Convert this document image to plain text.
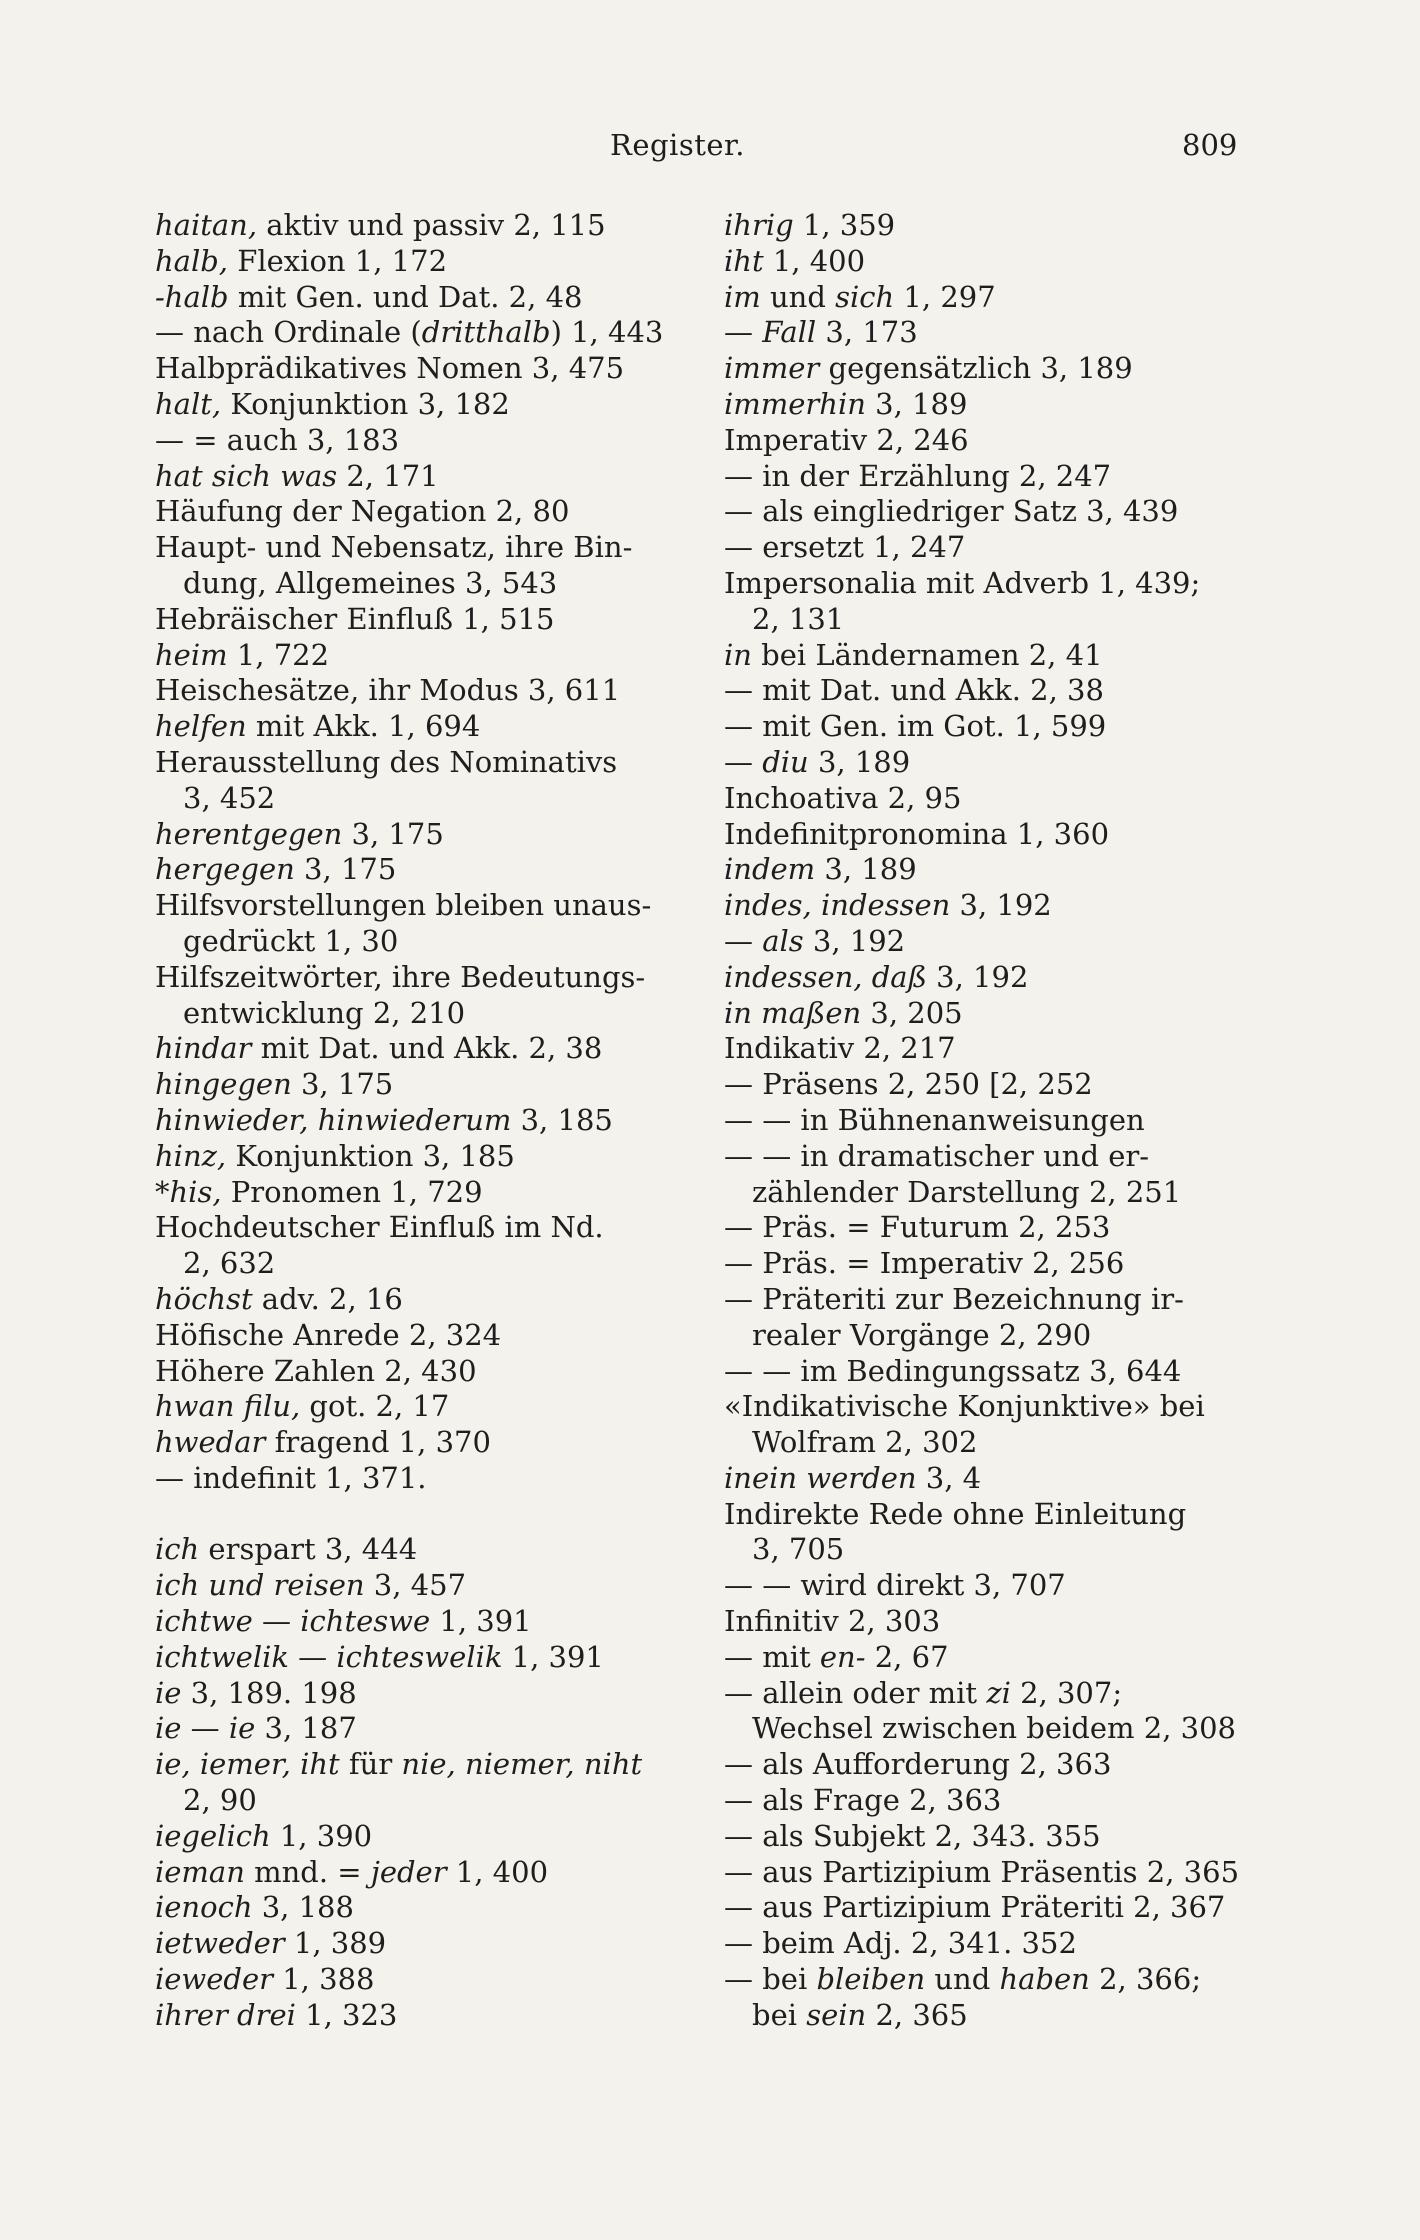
Register.	809
haitan, aktiv und passiv 2, 115
halb, Flexion 1, 172
-halb mit Gen. und Dat. 2, 48
— nach Ordinale (dritthalb) 1, 443
Halbprädikatives Nomen 3, 475
halt, Konjunktion 3, 182
— = auch 3, 183
hat sich was 2, 171
Häufung der Negation 2, 80
Haupt- und Nebensatz, ihre Bin-
dung, Allgemeines 3, 543
Hebräischer Einfluß 1, 515
heim 1, 722
Heischesätze, ihr Modus 3, 611
helfen mit Akk. 1, 694
Herausstellung des Nominativs
3, 452
herentgegen 3, 175
hergegen 3, 175
Hilfsvorstellungen bleiben unaus-
gedrückt 1, 30
Hilfszeitwörter, ihre Bedeutungs-
entwicklung 2, 210
hindar mit Dat. und Akk. 2, 38
hingegen 3, 175
hinwieder, hinwiederum 3, 185
hinz, Konjunktion 3, 185
*his, Pronomen 1, 729
Hochdeutscher Einfluß im Nd.
2, 632
höchst adv. 2, 16
Höfische Anrede 2, 324
Höhere Zahlen 2, 430
hwan filu, got. 2, 17
hwedar fragend 1, 370
— indefinit 1, 371.
ich erspart 3, 444
ich und reisen 3, 457
ichtwe — ichteswe 1, 391
ichtwelik — ichteswelik 1, 391
ie 3, 189. 198
ie — ie 3, 187
ie, iemer, iht für nie, niemer, niht
2, 90
iegelich 1, 390
ieman mnd. = jeder 1, 400
ienoch 3, 188
ietweder 1, 389
ieweder 1, 388
ihrer drei 1, 323
ihrig 1, 359
iht 1, 400
im und sich 1, 297
— Fall 3, 173
immer gegensätzlich 3, 189
immerhin 3, 189
Imperativ 2, 246
— in der Erzählung 2, 247
— als eingliedriger Satz 3, 439
— ersetzt 1, 247
Impersonalia mit Adverb 1, 439;
2, 131
in bei Ländernamen 2, 41
— mit Dat. und Akk. 2, 38
— mit Gen. im Got. 1, 599
— diu 3, 189
Inchoativa 2, 95
Indefinitpronomina 1, 360
indem 3, 189
indes, indessen 3, 192
— als 3, 192
indessen, daß 3, 192
in maßen 3, 205
Indikativ 2, 217
— Präsens 2, 250 [2, 252
— — in Bühnenanweisungen
— — in dramatischer und er-
zählender Darstellung 2, 251
— Präs. = Futurum 2, 253
— Präs. = Imperativ 2, 256
— Präteriti zur Bezeichnung ir-
realer Vorgänge 2, 290
— — im Bedingungssatz 3, 644
«Indikativische Konjunktive» bei
Wolfram 2, 302
inein werden 3, 4
Indirekte Rede ohne Einleitung
3, 705
— — wird direkt 3, 707
Infinitiv 2, 303
— mit en- 2, 67
— allein oder mit zi 2, 307;
Wechsel zwischen beidem 2, 308
— als Aufforderung 2, 363
— als Frage 2, 363
— als Subjekt 2, 343. 355
— aus Partizipium Präsentis 2, 365
— aus Partizipium Präteriti 2, 367
— beim Adj. 2, 341. 352
— bei bleiben und haben 2, 366;
bei sein 2, 365
